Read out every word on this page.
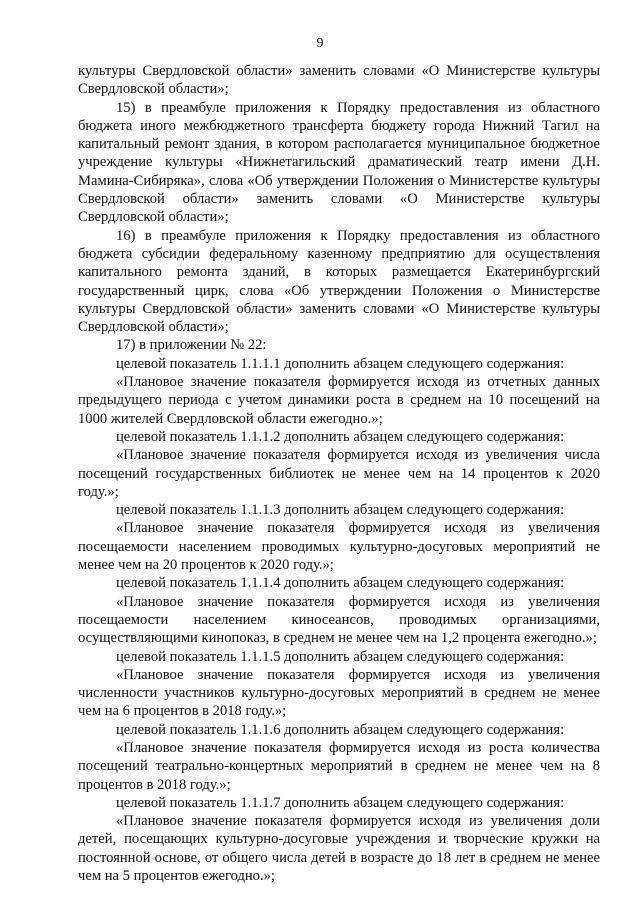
9

культуры Свердловской области» заменить словами «О Министерстве культуры Свердловской области»;

15) в преамбуле приложения к Порядку предоставления из областного бюджета иного межбюджетного трансферта бюджету города Нижний Тагил на капитальный ремонт здания, в котором располагается муниципальное бюджетное учреждение культуры «Нижнетагильский драматический театр имени Д.Н. Мамина-Сибиряка», слова «Об утверждении Положения о Министерстве культуры Свердловской области» заменить словами «О Министерстве культуры Свердловской области»;

16) в преамбуле приложения к Порядку предоставления из областного бюджета субсидии федеральному казенному предприятию для осуществления капитального ремонта зданий, в которых размещается Екатеринбургский государственный цирк, слова «Об утверждении Положения о Министерстве культуры Свердловской области» заменить словами «О Министерстве культуры Свердловской области»;

17) в приложении № 22:

целевой показатель 1.1.1.1 дополнить абзацем следующего содержания:

«Плановое значение показателя формируется исходя из отчетных данных предыдущего периода с учетом динамики роста в среднем на 10 посещений на 1000 жителей Свердловской области ежегодно.»;

целевой показатель 1.1.1.2 дополнить абзацем следующего содержания:

«Плановое значение показателя формируется исходя из увеличения числа посещений государственных библиотек не менее чем на 14 процентов к 2020 году.»;

целевой показатель 1.1.1.3 дополнить абзацем следующего содержания:

«Плановое значение показателя формируется исходя из увеличения посещаемости населением проводимых культурно-досуговых мероприятий не менее чем на 20 процентов к 2020 году.»;

целевой показатель 1.1.1.4 дополнить абзацем следующего содержания:

«Плановое значение показателя формируется исходя из увеличения посещаемости населением киносеансов, проводимых организациями, осуществляющими кинопоказ, в среднем не менее чем на 1,2 процента ежегодно.»;

целевой показатель 1.1.1.5 дополнить абзацем следующего содержания:

«Плановое значение показателя формируется исходя из увеличения численности участников культурно-досуговых мероприятий в среднем не менее чем на 6 процентов в 2018 году.»;

целевой показатель 1.1.1.6 дополнить абзацем следующего содержания:

«Плановое значение показателя формируется исходя из роста количества посещений театрально-концертных мероприятий в среднем не менее чем на 8 процентов в 2018 году.»;

целевой показатель 1.1.1.7 дополнить абзацем следующего содержания:

«Плановое значение показателя формируется исходя из увеличения доли детей, посещающих культурно-досуговые учреждения и творческие кружки на постоянной основе, от общего числа детей в возрасте до 18 лет в среднем не менее чем на 5 процентов ежегодно.»;
